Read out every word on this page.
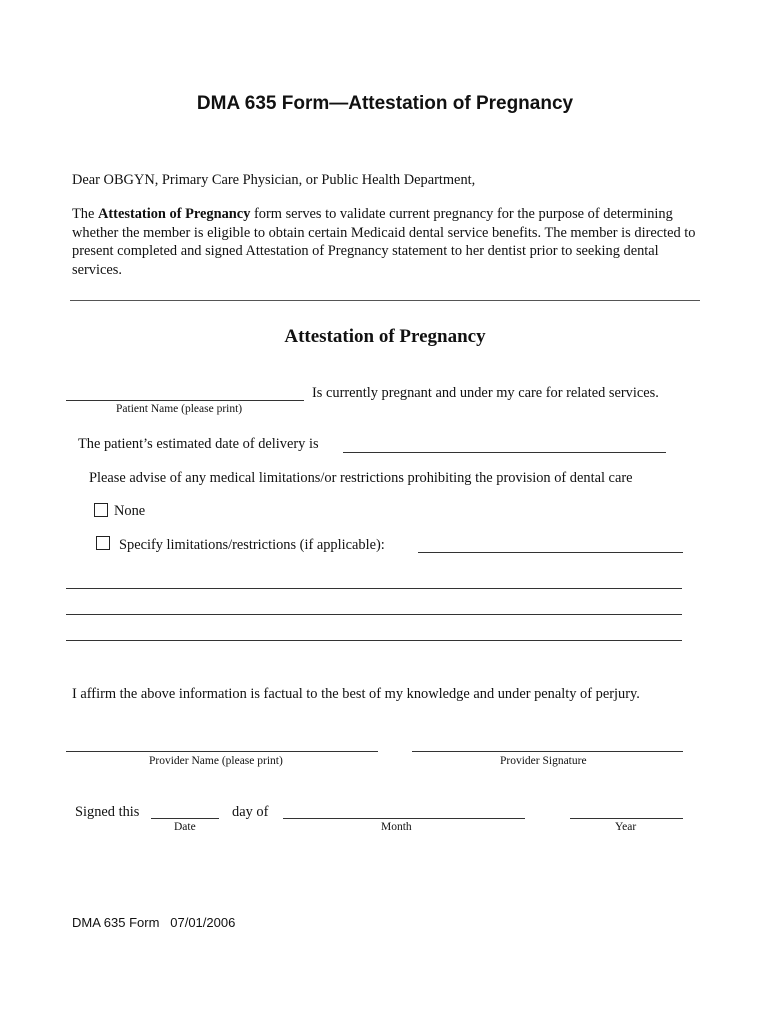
DMA 635 Form—Attestation of Pregnancy
Dear OBGYN, Primary Care Physician, or Public Health Department,
The Attestation of Pregnancy form serves to validate current pregnancy for the purpose of determining whether the member is eligible to obtain certain Medicaid dental service benefits. The member is directed to present completed and signed Attestation of Pregnancy statement to her dentist prior to seeking dental services.
Attestation of Pregnancy
Is currently pregnant and under my care for related services.
Patient Name (please print)
The patient’s estimated date of delivery is
Please advise of any medical limitations/or restrictions prohibiting the provision of dental care
None
Specify limitations/restrictions (if applicable):
I affirm the above information is factual to the best of my knowledge and under penalty of perjury.
Provider Name (please print)	Provider Signature
Signed this	day of
Date	Month	Year
DMA 635 Form   07/01/2006
